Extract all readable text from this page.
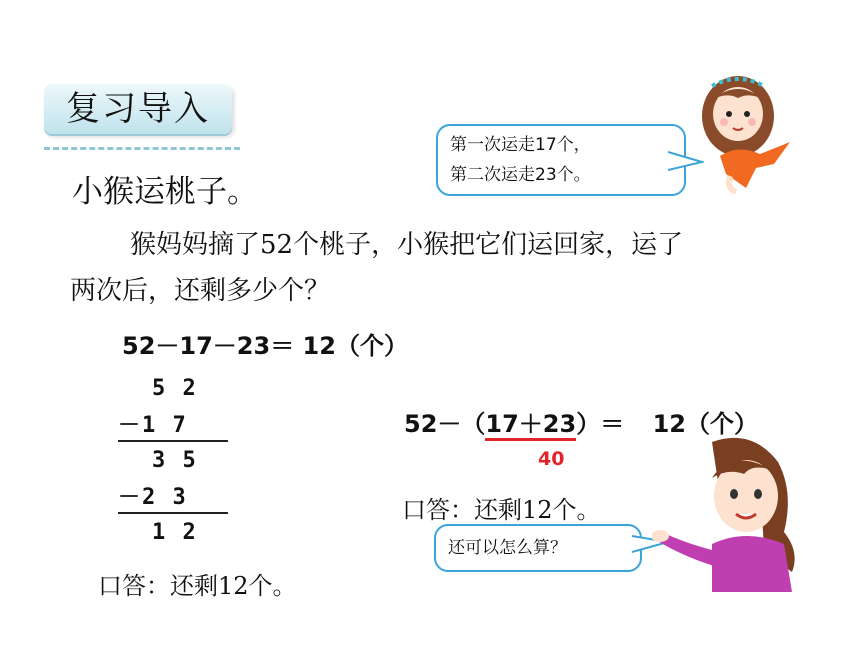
复习导入
小猴运桃子。
猴妈妈摘了52个桃子，小猴把它们运回家，运了
两次后，还剩多少个？
52－17－23＝ 12（个）
5 2
－1 7
3 5
－2 3
1 2
口答：还剩12个。
52－（17＋23）＝ 12（个）
40
口答：还剩12个。
第一次运走17个，
第二次运走23个。
还可以怎么算？
